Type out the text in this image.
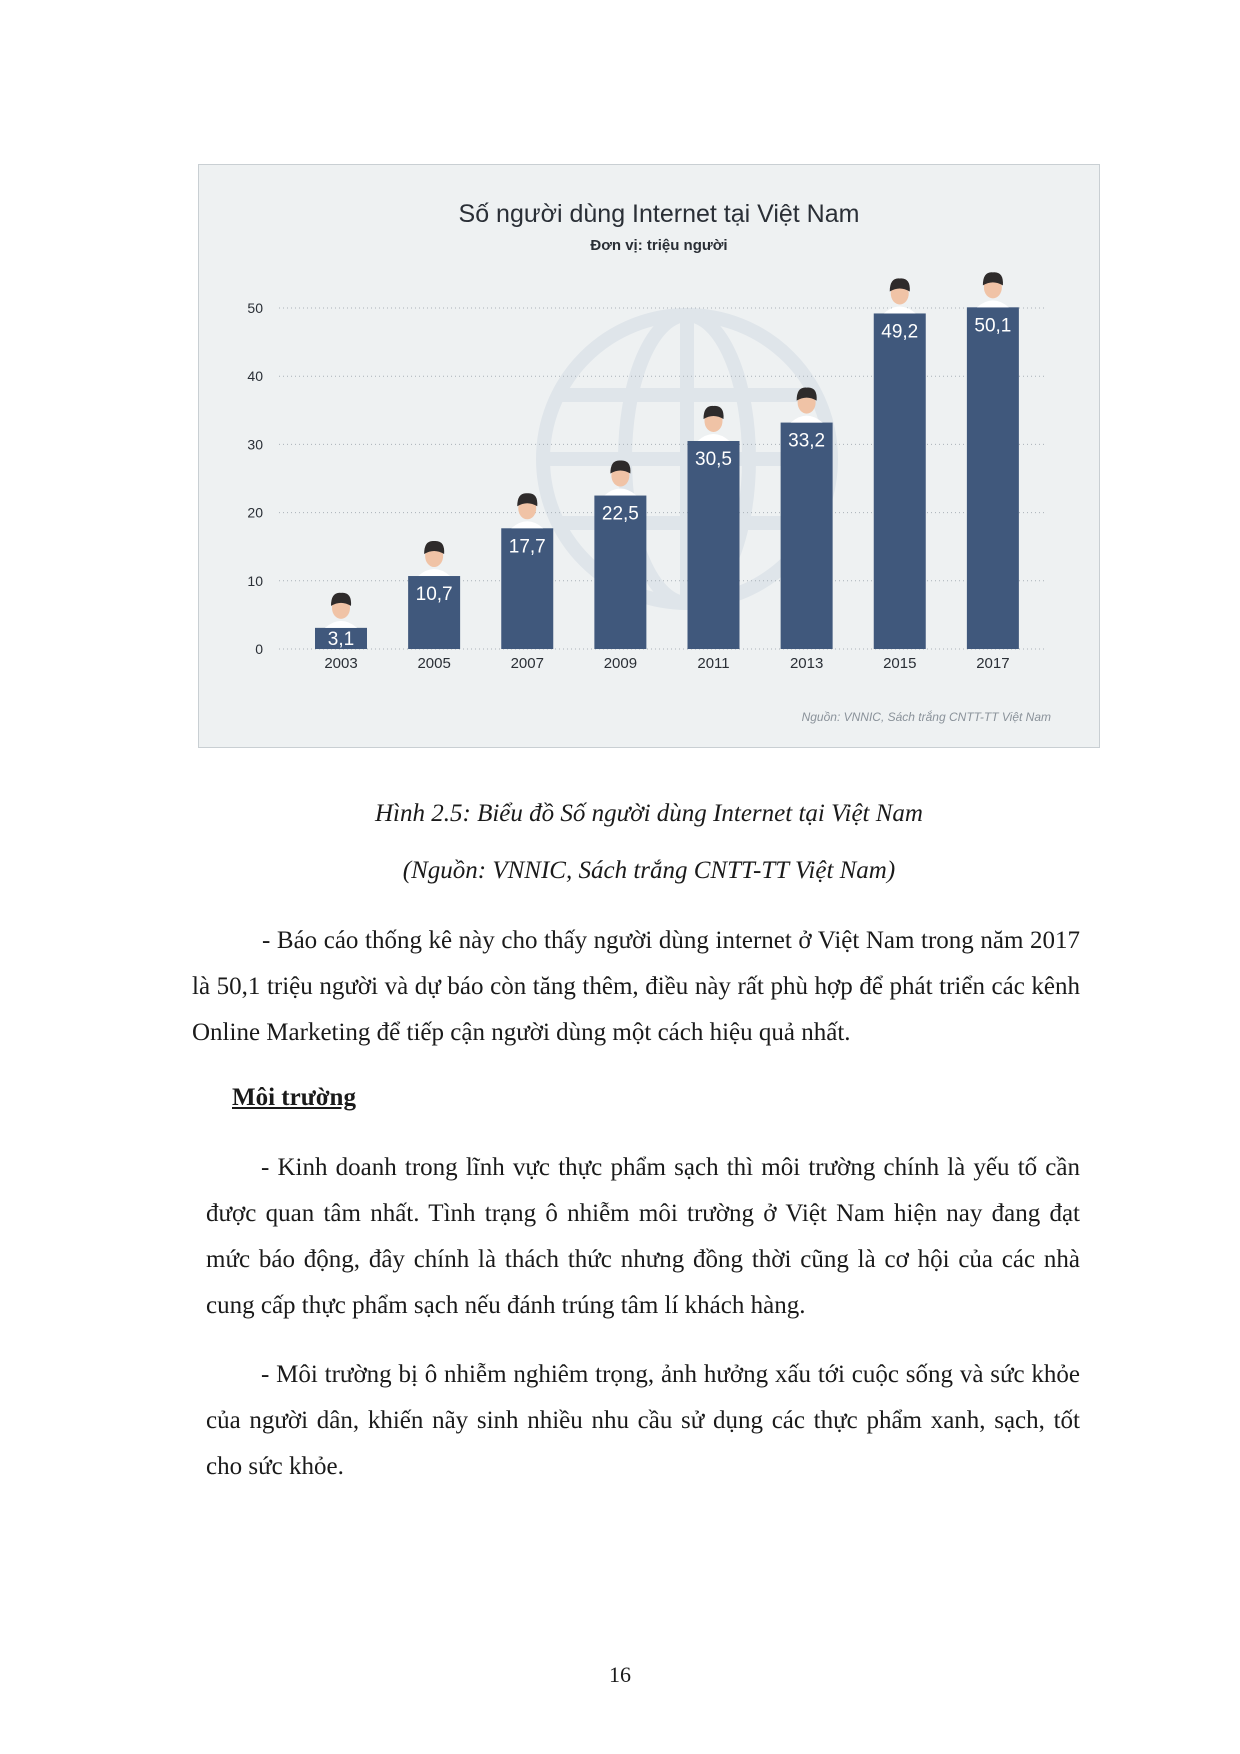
Số người dùng Internet tại Việt Nam
Đơn vị: triệu người
0
10
20
30
40
50
3,1
2003
10,7
2005
17,7
2007
22,5
2009
30,5
2011
33,2
2013
49,2
2015
50,1
2017
Nguồn: VNNIC, Sách trắng CNTT-TT Việt Nam

Hình 2.5: Biểu đồ Số người dùng Internet tại Việt Nam

(Nguồn: VNNIC, Sách trắng CNTT-TT Việt Nam)

- Báo cáo thống kê này cho thấy người dùng internet ở Việt Nam trong năm 2017 là 50,1 triệu người và dự báo còn tăng thêm, điều này rất phù hợp để phát triển các kênh Online Marketing để tiếp cận người dùng một cách hiệu quả nhất.

Môi trường

- Kinh doanh trong lĩnh vực thực phẩm sạch thì môi trường chính là yếu tố cần được quan tâm nhất. Tình trạng ô nhiễm môi trường ở Việt Nam hiện nay đang đạt mức báo động, đây chính là thách thức nhưng đồng thời cũng là cơ hội của các nhà cung cấp thực phẩm sạch nếu đánh trúng tâm lí khách hàng.

- Môi trường bị ô nhiễm nghiêm trọng, ảnh hưởng xấu tới cuộc sống và sức khỏe của người dân, khiến nãy sinh nhiều nhu cầu sử dụng các thực phẩm xanh, sạch, tốt cho sức khỏe.

16
